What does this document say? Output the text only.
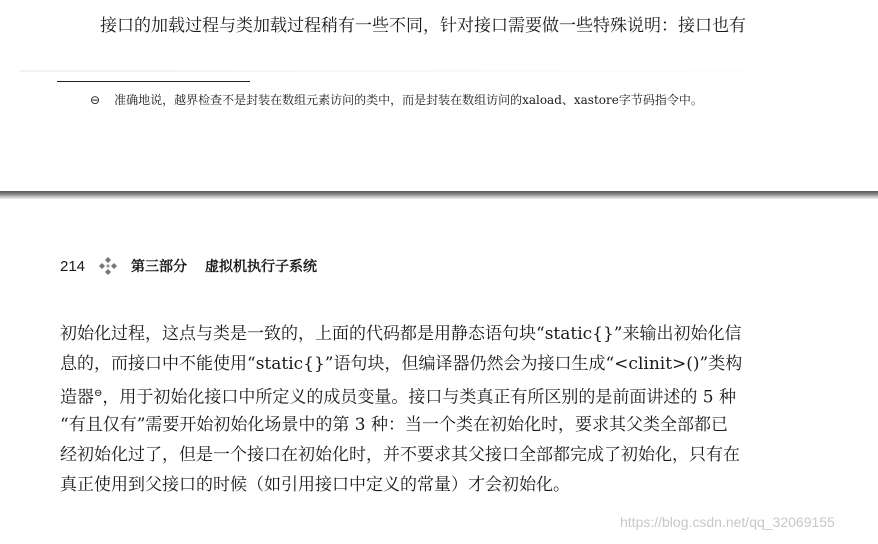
接口的加载过程与类加载过程稍有一些不同，针对接口需要做一些特殊说明：接口也有
⊖ 准确地说，越界检查不是封装在数组元素访问的类中，而是封装在数组访问的xaload、xastore字节码指令中。
214	第三部分 虚拟机执行子系统
初始化过程，这点与类是一致的，上面的代码都是用静态语句块“static{}”来输出初始化信
息的，而接口中不能使用“static{}”语句块，但编译器仍然会为接口生成“<clinit>()”类构
造器⊖，用于初始化接口中所定义的成员变量。接口与类真正有所区别的是前面讲述的 5 种
“有且仅有”需要开始初始化场景中的第 3 种：当一个类在初始化时，要求其父类全部都已
经初始化过了，但是一个接口在初始化时，并不要求其父接口全部都完成了初始化，只有在
真正使用到父接口的时候（如引用接口中定义的常量）才会初始化。
https://blog.csdn.net/qq_32069155
